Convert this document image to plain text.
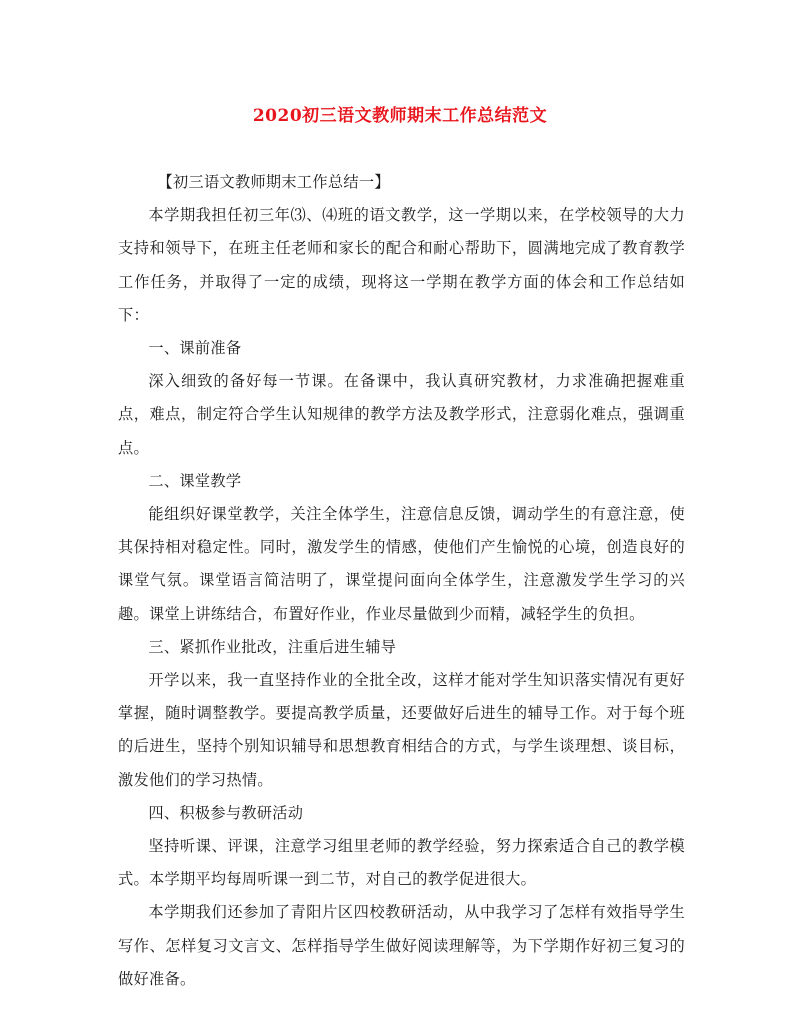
2020初三语文教师期末工作总结范文

【初三语文教师期末工作总结一】

本学期我担任初三年⑶、⑷班的语文教学，这一学期以来，在学校领导的大力支持和领导下，在班主任老师和家长的配合和耐心帮助下，圆满地完成了教育教学工作任务，并取得了一定的成绩，现将这一学期在教学方面的体会和工作总结如下：

一、课前准备

深入细致的备好每一节课。在备课中，我认真研究教材，力求准确把握难重点，难点，制定符合学生认知规律的教学方法及教学形式，注意弱化难点，强调重点。

二、课堂教学

能组织好课堂教学，关注全体学生，注意信息反馈，调动学生的有意注意，使其保持相对稳定性。同时，激发学生的情感，使他们产生愉悦的心境，创造良好的课堂气氛。课堂语言简洁明了，课堂提问面向全体学生，注意激发学生学习的兴趣。课堂上讲练结合，布置好作业，作业尽量做到少而精，减轻学生的负担。

三、紧抓作业批改，注重后进生辅导

开学以来，我一直坚持作业的全批全改，这样才能对学生知识落实情况有更好掌握，随时调整教学。要提高教学质量，还要做好后进生的辅导工作。对于每个班的后进生，坚持个别知识辅导和思想教育相结合的方式，与学生谈理想、谈目标，激发他们的学习热情。

四、积极参与教研活动

坚持听课、评课，注意学习组里老师的教学经验，努力探索适合自己的教学模式。本学期平均每周听课一到二节，对自己的教学促进很大。

本学期我们还参加了青阳片区四校教研活动，从中我学习了怎样有效指导学生写作、怎样复习文言文、怎样指导学生做好阅读理解等，为下学期作好初三复习的做好准备。
